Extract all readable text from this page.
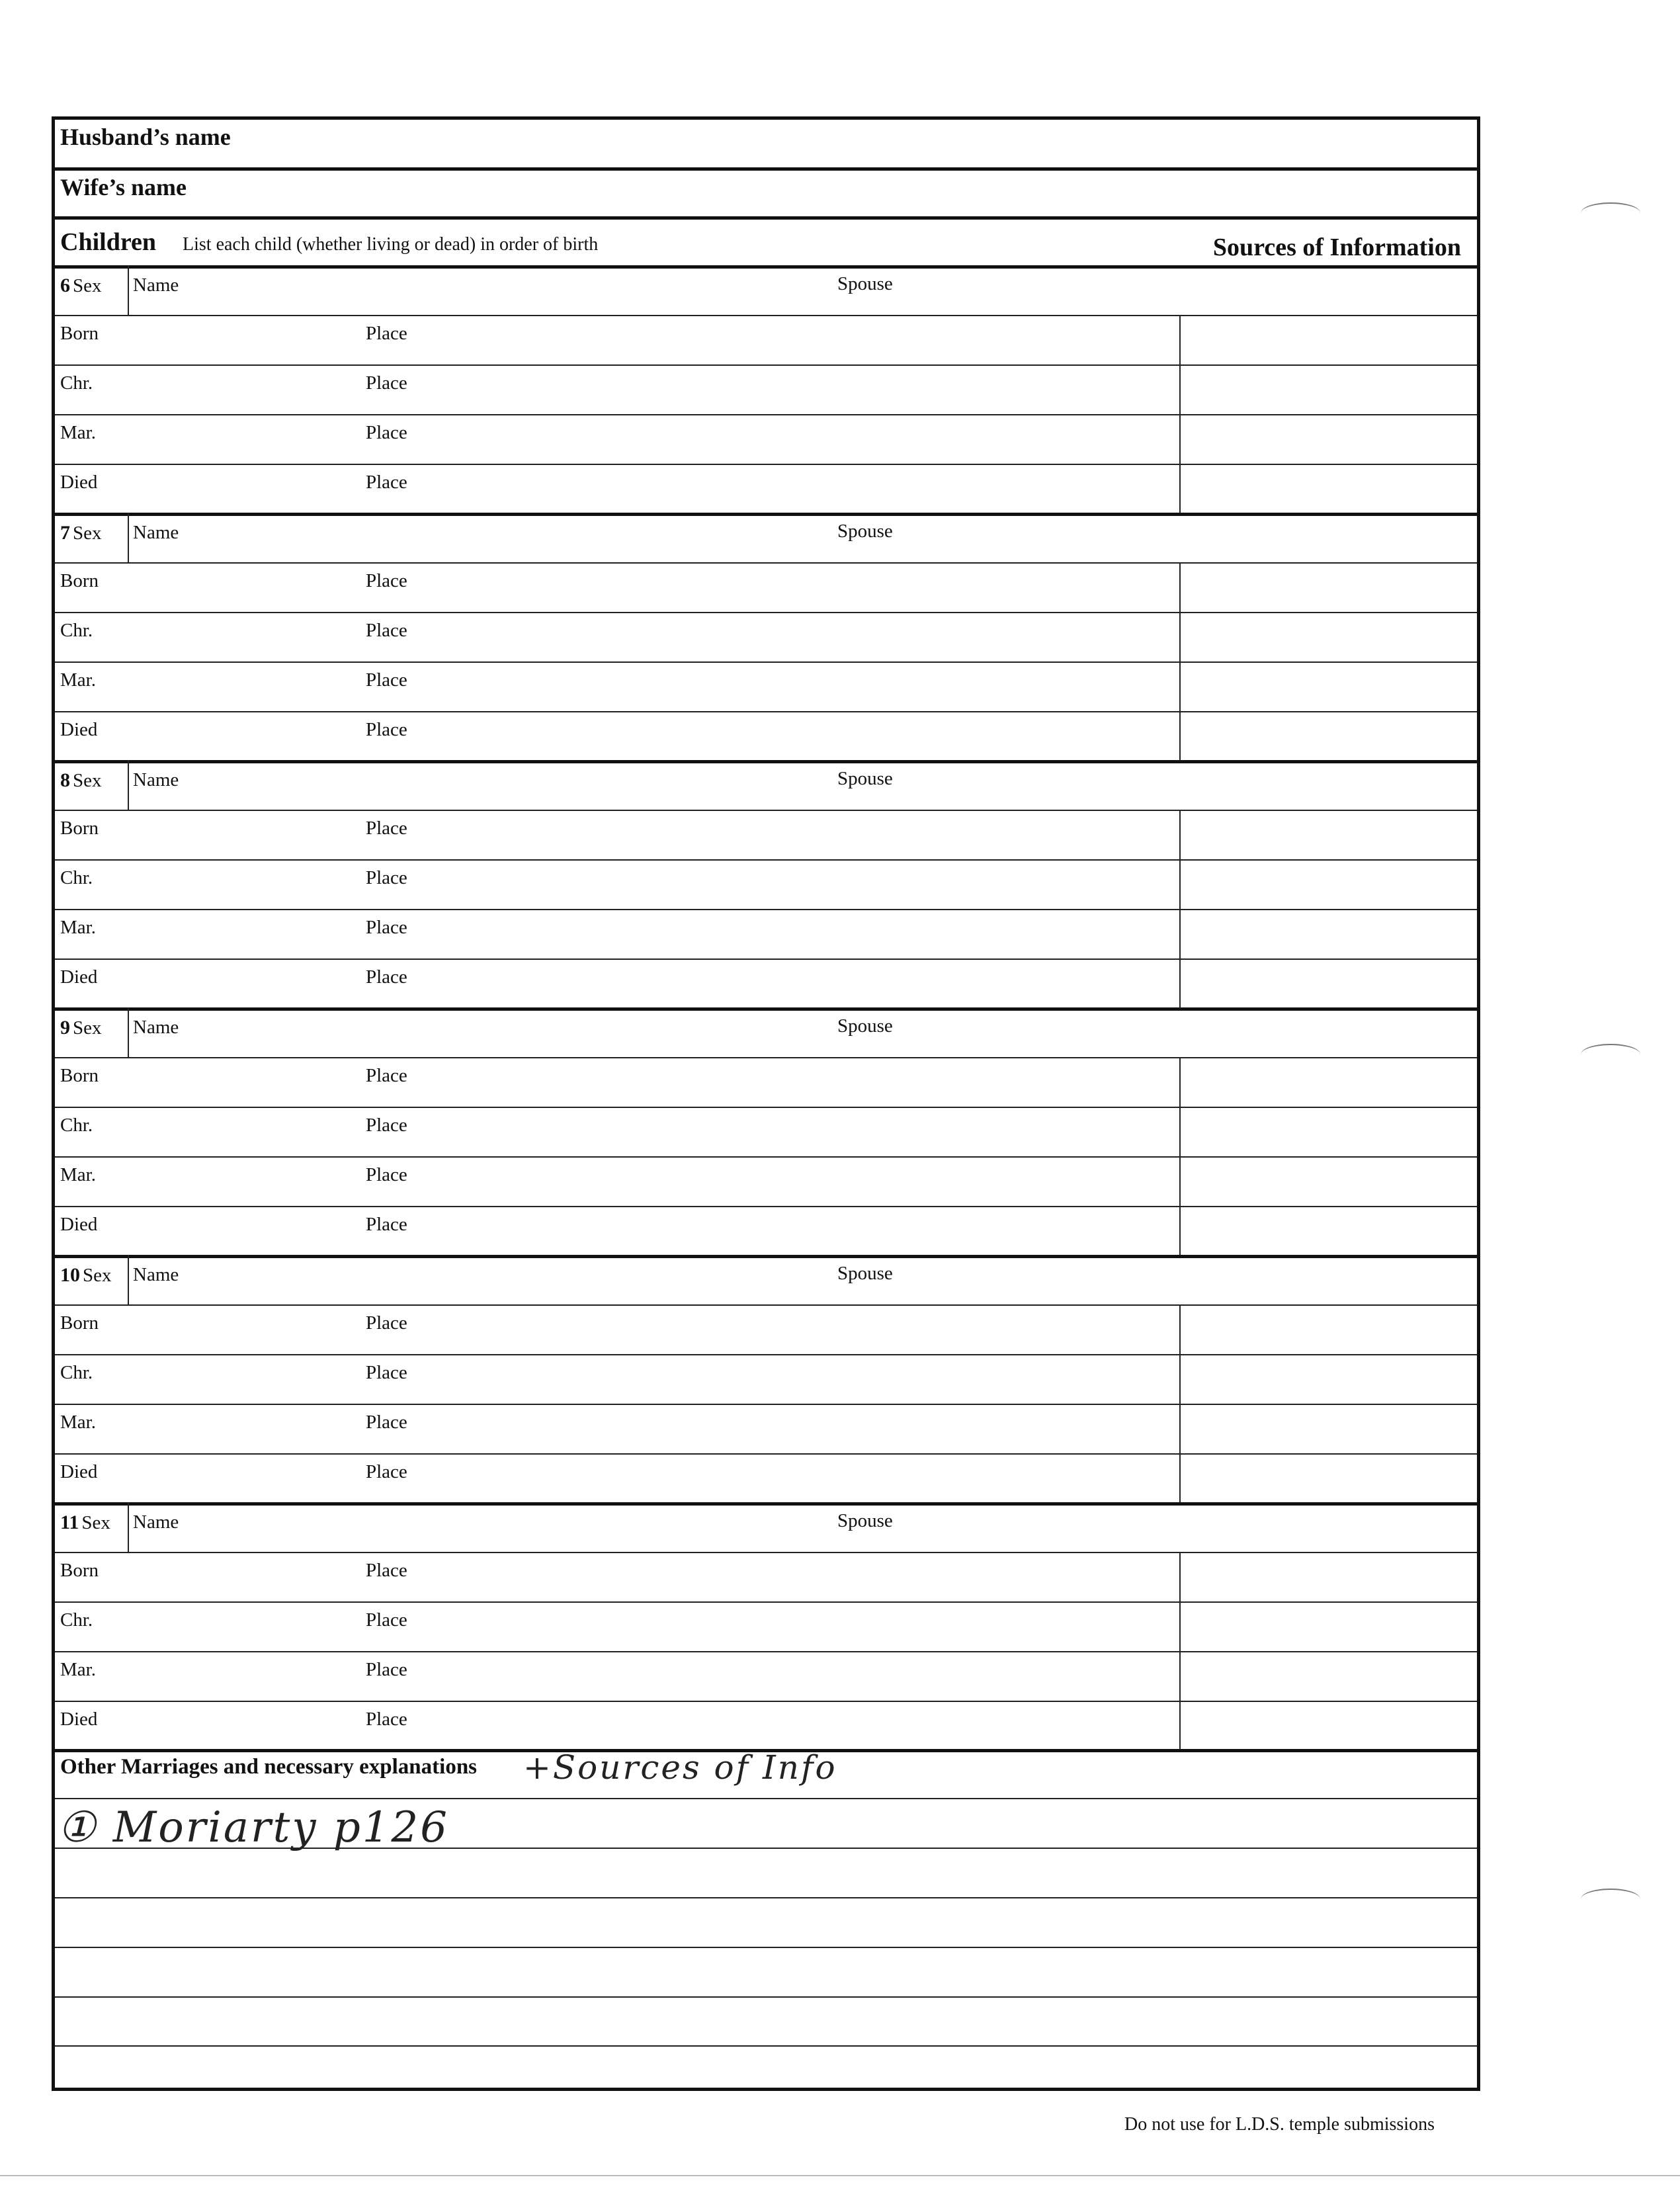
Husband’s name
Wife’s name
Children List each child (whether living or dead) in order of birth	Sources of Information
6 Sex Name	Spouse
Born	Place
Chr.	Place
Mar.	Place
Died	Place
7 Sex Name	Spouse
Born	Place
Chr.	Place
Mar.	Place
Died	Place
8 Sex Name	Spouse
Born	Place
Chr.	Place
Mar.	Place
Died	Place
9 Sex Name	Spouse
Born	Place
Chr.	Place
Mar.	Place
Died	Place
10 Sex Name	Spouse
Born	Place
Chr.	Place
Mar.	Place
Died	Place
11 Sex Name	Spouse
Born	Place
Chr.	Place
Mar.	Place
Died	Place
Other Marriages and necessary explanations +Sources of Info
① Moriarty p126
Do not use for L.D.S. temple submissions
